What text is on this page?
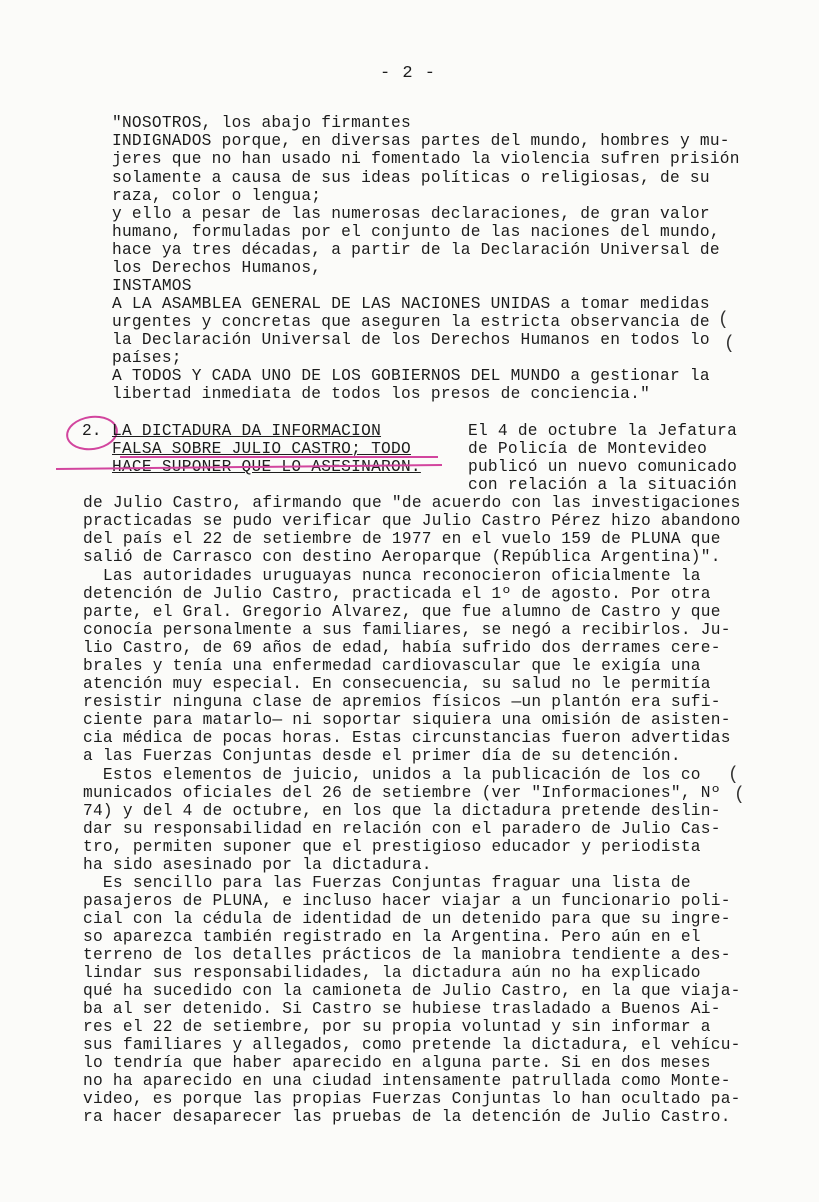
- 2 -
"NOSOTROS, los abajo firmantes
INDIGNADOS porque, en diversas partes del mundo, hombres y mu-
jeres que no han usado ni fomentado la violencia sufren prisión
solamente a causa de sus ideas políticas o religiosas, de su
raza, color o lengua;
y ello a pesar de las numerosas declaraciones, de gran valor
humano, formuladas por el conjunto de las naciones del mundo,
hace ya tres décadas, a partir de la Declaración Universal de
los Derechos Humanos,
INSTAMOS
A LA ASAMBLEA GENERAL DE LAS NACIONES UNIDAS a tomar medidas
urgentes y concretas que aseguren la estricta observancia de
la Declaración Universal de los Derechos Humanos en todos lo
países;
A TODOS Y CADA UNO DE LOS GOBIERNOS DEL MUNDO a gestionar la
libertad inmediata de todos los presos de conciencia."
(
(
2. LA DICTADURA DA INFORMACION
FALSA SOBRE JULIO CASTRO; TODO
HACE SUPONER QUE LO ASESINARON.
El 4 de octubre la Jefatura
de Policía de Montevideo
publicó un nuevo comunicado
con relación a la situación
de Julio Castro, afirmando que "de acuerdo con las investigaciones
practicadas se pudo verificar que Julio Castro Pérez hizo abandono
del país el 22 de setiembre de 1977 en el vuelo 159 de PLUNA que
salió de Carrasco con destino Aeroparque (República Argentina)".
Las autoridades uruguayas nunca reconocieron oficialmente la
detención de Julio Castro, practicada el 1º de agosto. Por otra
parte, el Gral. Gregorio Alvarez, que fue alumno de Castro y que
conocía personalmente a sus familiares, se negó a recibirlos. Ju-
lio Castro, de 69 años de edad, había sufrido dos derrames cere-
brales y tenía una enfermedad cardiovascular que le exigía una
atención muy especial. En consecuencia, su salud no le permitía
resistir ninguna clase de apremios físicos —un plantón era sufi-
ciente para matarlo— ni soportar siquiera una omisión de asisten-
cia médica de pocas horas. Estas circunstancias fueron advertidas
a las Fuerzas Conjuntas desde el primer día de su detención.
Estos elementos de juicio, unidos a la publicación de los co
municados oficiales del 26 de setiembre (ver "Informaciones", Nº
74) y del 4 de octubre, en los que la dictadura pretende deslin-
dar su responsabilidad en relación con el paradero de Julio Cas-
tro, permiten suponer que el prestigioso educador y periodista
ha sido asesinado por la dictadura.
Es sencillo para las Fuerzas Conjuntas fraguar una lista de
pasajeros de PLUNA, e incluso hacer viajar a un funcionario poli-
cial con la cédula de identidad de un detenido para que su ingre-
so aparezca también registrado en la Argentina. Pero aún en el
terreno de los detalles prácticos de la maniobra tendiente a des-
lindar sus responsabilidades, la dictadura aún no ha explicado
qué ha sucedido con la camioneta de Julio Castro, en la que viaja-
ba al ser detenido. Si Castro se hubiese trasladado a Buenos Ai-
res el 22 de setiembre, por su propia voluntad y sin informar a
sus familiares y allegados, como pretende la dictadura, el vehícu-
lo tendría que haber aparecido en alguna parte. Si en dos meses
no ha aparecido en una ciudad intensamente patrullada como Monte-
video, es porque las propias Fuerzas Conjuntas lo han ocultado pa-
ra hacer desaparecer las pruebas de la detención de Julio Castro.
(
(
